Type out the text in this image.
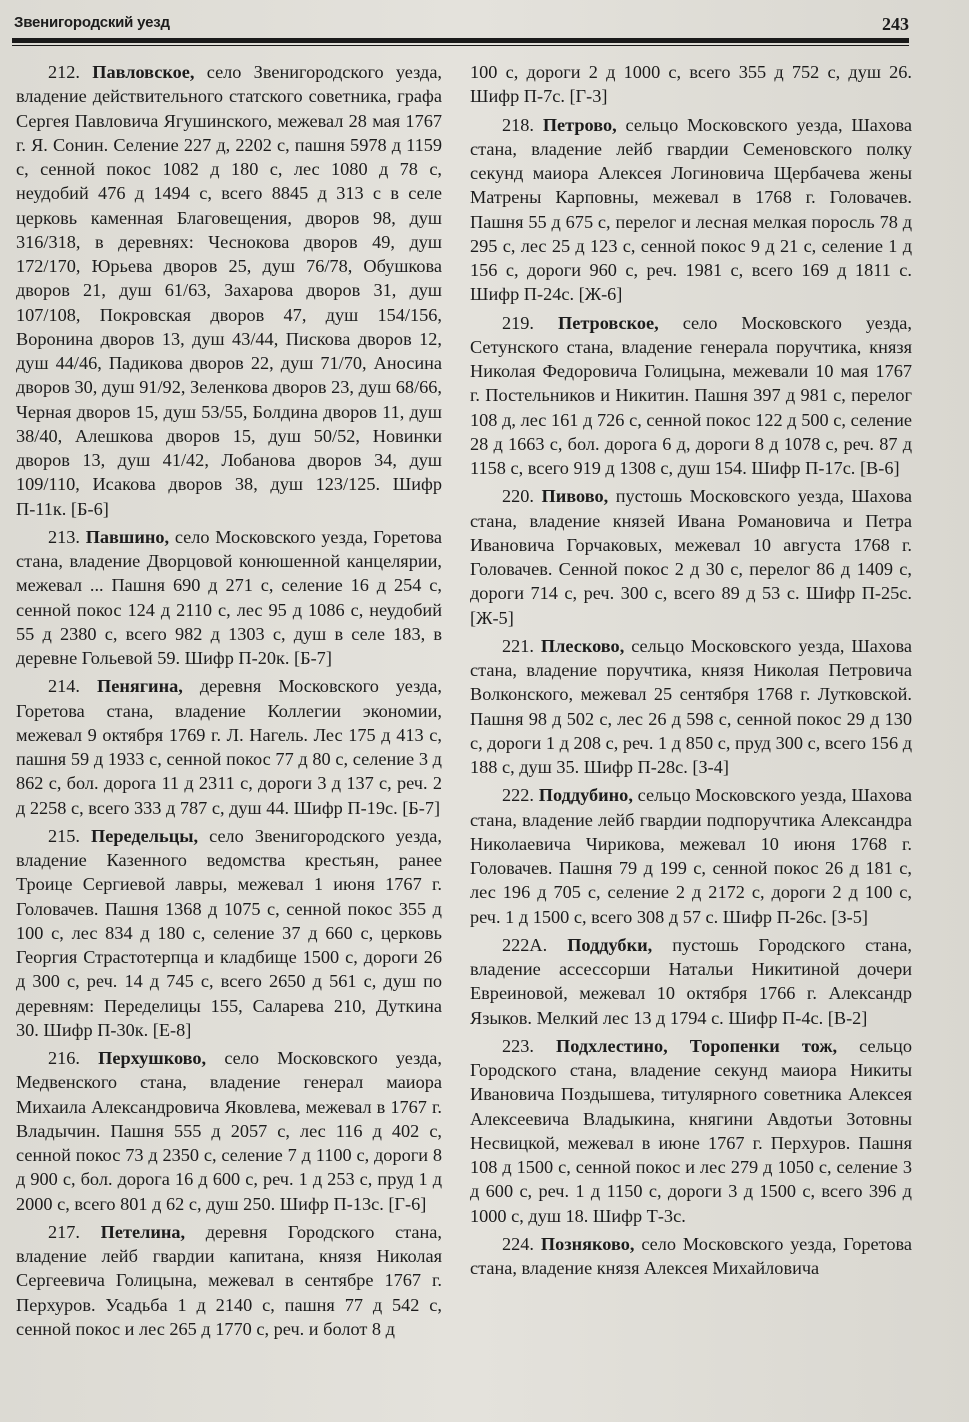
Звенигородский уезд	243

212. Павловское, село Звенигородского уезда, владение действительного статского советника, графа Сергея Павловича Ягушинского, межевал 28 мая 1767 г. Я. Сонин. Селение 227 д, 2202 с, пашня 5978 д 1159 с, сенной покос 1082 д 180 с, лес 1080 д 78 с, неудобий 476 д 1494 с, всего 8845 д 313 с в селе церковь каменная Благовещения, дворов 98, душ 316/318, в деревнях: Чеснокова дворов 49, душ 172/170, Юрьева дворов 25, душ 76/78, Обушкова дворов 21, душ 61/63, Захарова дворов 31, душ 107/108, Покровская дворов 47, душ 154/156, Воронина дворов 13, душ 43/44, Пискова дворов 12, душ 44/46, Падикова дворов 22, душ 71/70, Аносина дворов 30, душ 91/92, Зеленкова дворов 23, душ 68/66, Черная дворов 15, душ 53/55, Болдина дворов 11, душ 38/40, Алешкова дворов 15, душ 50/52, Новинки дворов 13, душ 41/42, Лобанова дворов 34, душ 109/110, Исакова дворов 38, душ 123/125. Шифр П-11к. [Б-6]

213. Павшино, село Московского уезда, Горетова стана, владение Дворцовой конюшенной канцелярии, межевал ... Пашня 690 д 271 с, селение 16 д 254 с, сенной покос 124 д 2110 с, лес 95 д 1086 с, неудобий 55 д 2380 с, всего 982 д 1303 с, душ в селе 183, в деревне Гольевой 59. Шифр П-20к. [Б-7]

214. Пенягина, деревня Московского уезда, Горетова стана, владение Коллегии экономии, межевал 9 октября 1769 г. Л. Нагель. Лес 175 д 413 с, пашня 59 д 1933 с, сенной покос 77 д 80 с, селение 3 д 862 с, бол. дорога 11 д 2311 с, дороги 3 д 137 с, реч. 2 д 2258 с, всего 333 д 787 с, душ 44. Шифр П-19с. [Б-7]

215. Передельцы, село Звенигородского уезда, владение Казенного ведомства крестьян, ранее Троице Сергиевой лавры, межевал 1 июня 1767 г. Головачев. Пашня 1368 д 1075 с, сенной покос 355 д 100 с, лес 834 д 180 с, селение 37 д 660 с, церковь Георгия Страстотерпца и кладбище 1500 с, дороги 26 д 300 с, реч. 14 д 745 с, всего 2650 д 561 с, душ по деревням: Переделицы 155, Саларева 210, Дуткина 30. Шифр П-30к. [Е-8]

216. Перхушково, село Московского уезда, Медвенского стана, владение генерал маиора Михаила Александровича Яковлева, межевал в 1767 г. Владычин. Пашня 555 д 2057 с, лес 116 д 402 с, сенной покос 73 д 2350 с, селение 7 д 1100 с, дороги 8 д 900 с, бол. дорога 16 д 600 с, реч. 1 д 253 с, пруд 1 д 2000 с, всего 801 д 62 с, душ 250. Шифр П-13с. [Г-6]

217. Петелина, деревня Городского стана, владение лейб гвардии капитана, князя Николая Сергеевича Голицына, межевал в сентябре 1767 г. Перхуров. Усадьба 1 д 2140 с, пашня 77 д 542 с, сенной покос и лес 265 д 1770 с, реч. и болот 8 д

100 с, дороги 2 д 1000 с, всего 355 д 752 с, душ 26. Шифр П-7с. [Г-3]

218. Петрово, сельцо Московского уезда, Шахова стана, владение лейб гвардии Семеновского полку секунд маиора Алексея Логиновича Щербачева жены Матрены Карповны, межевал в 1768 г. Головачев. Пашня 55 д 675 с, перелог и лесная мелкая поросль 78 д 295 с, лес 25 д 123 с, сенной покос 9 д 21 с, селение 1 д 156 с, дороги 960 с, реч. 1981 с, всего 169 д 1811 с. Шифр П-24с. [Ж-6]

219. Петровское, село Московского уезда, Сетунского стана, владение генерала поручтика, князя Николая Федоровича Голицына, межевали 10 мая 1767 г. Постельников и Никитин. Пашня 397 д 981 с, перелог 108 д, лес 161 д 726 с, сенной покос 122 д 500 с, селение 28 д 1663 с, бол. дорога 6 д, дороги 8 д 1078 с, реч. 87 д 1158 с, всего 919 д 1308 с, душ 154. Шифр П-17с. [В-6]

220. Пивово, пустошь Московского уезда, Шахова стана, владение князей Ивана Романовича и Петра Ивановича Горчаковых, межевал 10 августа 1768 г. Головачев. Сенной покос 2 д 30 с, перелог 86 д 1409 с, дороги 714 с, реч. 300 с, всего 89 д 53 с. Шифр П-25с. [Ж-5]

221. Плесково, сельцо Московского уезда, Шахова стана, владение поручтика, князя Николая Петровича Волконского, межевал 25 сентября 1768 г. Лутковской. Пашня 98 д 502 с, лес 26 д 598 с, сенной покос 29 д 130 с, дороги 1 д 208 с, реч. 1 д 850 с, пруд 300 с, всего 156 д 188 с, душ 35. Шифр П-28с. [З-4]

222. Поддубино, сельцо Московского уезда, Шахова стана, владение лейб гвардии подпоручтика Александра Николаевича Чирикова, межевал 10 июня 1768 г. Головачев. Пашня 79 д 199 с, сенной покос 26 д 181 с, лес 196 д 705 с, селение 2 д 2172 с, дороги 2 д 100 с, реч. 1 д 1500 с, всего 308 д 57 с. Шифр П-26с. [З-5]

222А. Поддубки, пустошь Городского стана, владение ассессорши Натальи Никитиной дочери Евреиновой, межевал 10 октября 1766 г. Александр Языков. Мелкий лес 13 д 1794 с. Шифр П-4с. [В-2]

223. Подхлестино, Торопенки тож, сельцо Городского стана, владение секунд маиора Никиты Ивановича Поздышева, титулярного советника Алексея Алексеевича Владыкина, княгини Авдотьи Зотовны Несвицкой, межевал в июне 1767 г. Перхуров. Пашня 108 д 1500 с, сенной покос и лес 279 д 1050 с, селение 3 д 600 с, реч. 1 д 1150 с, дороги 3 д 1500 с, всего 396 д 1000 с, душ 18. Шифр Т-3с.

224. Позняково, село Московского уезда, Горетова стана, владение князя Алексея Михайловича
